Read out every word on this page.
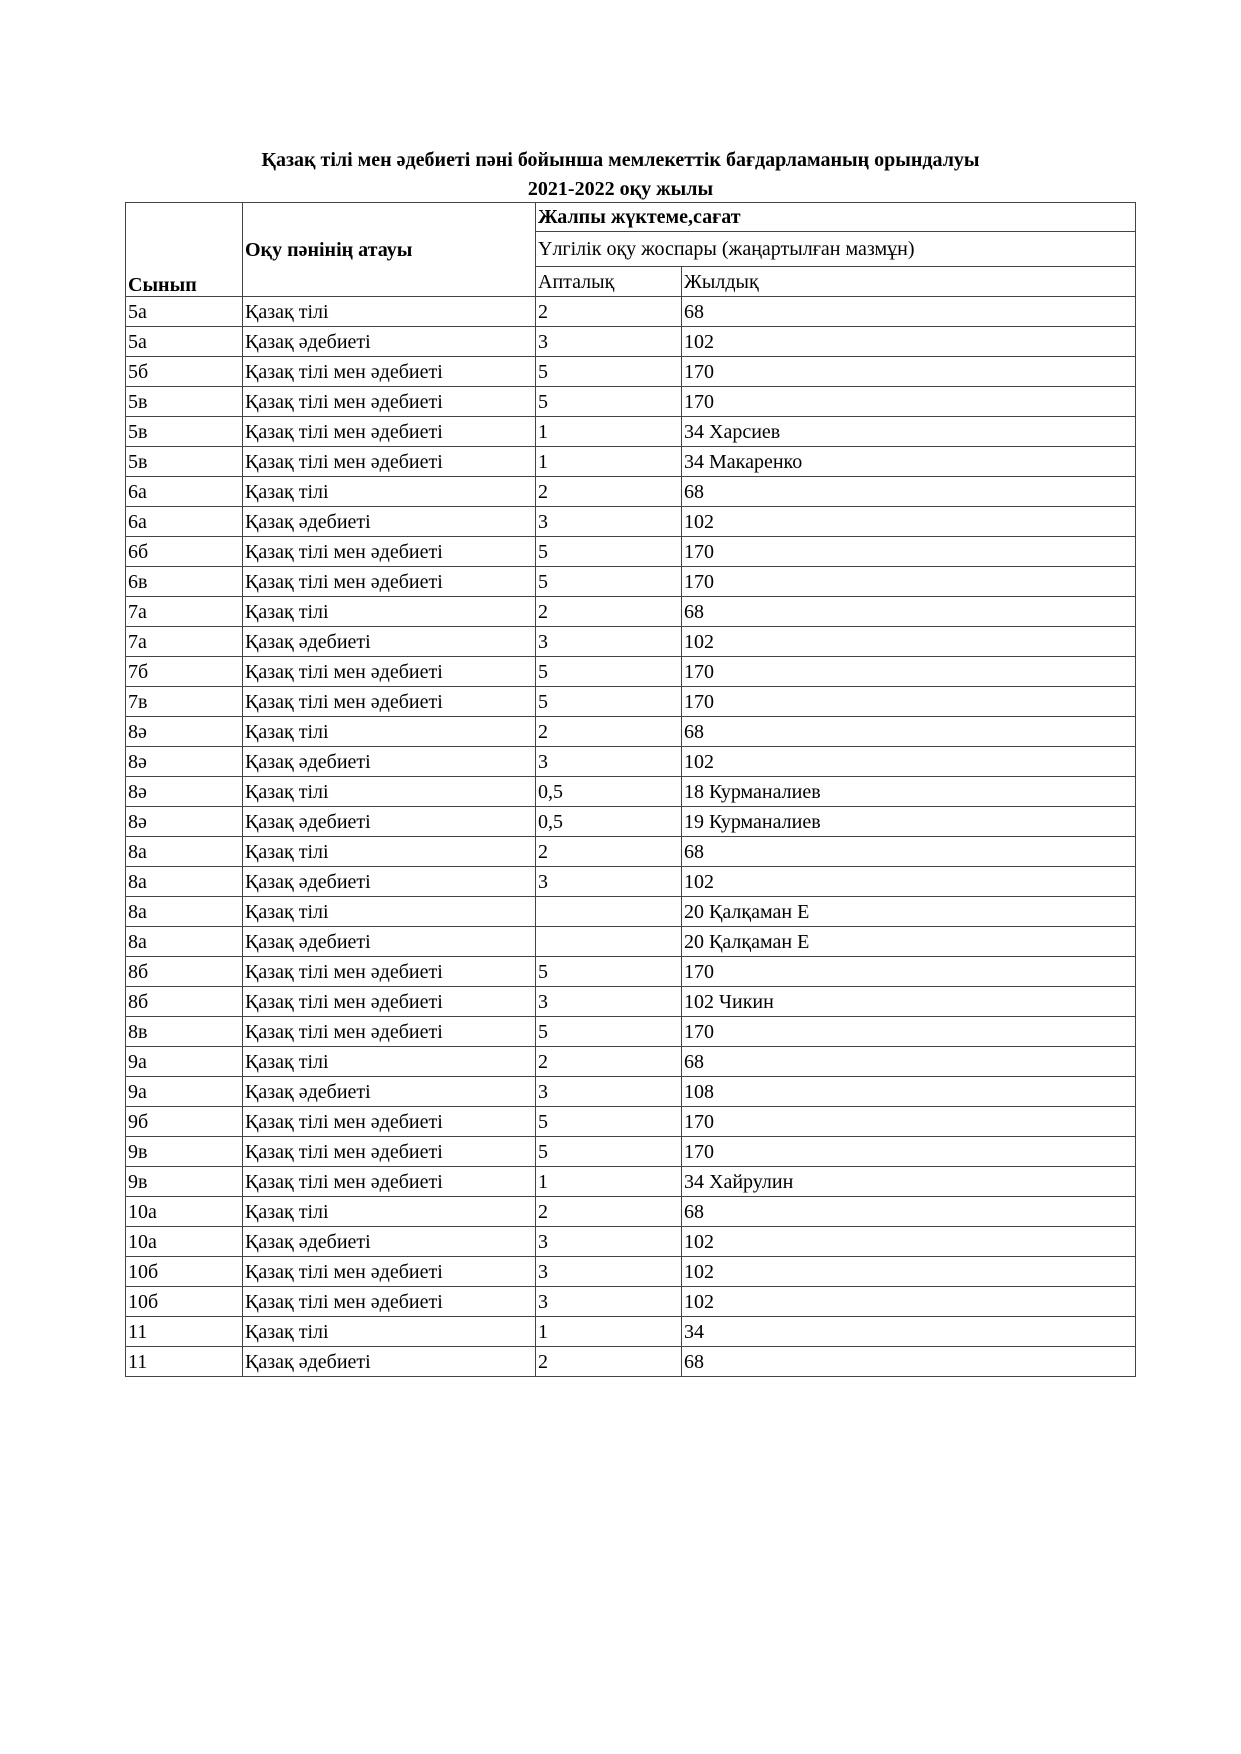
Қазақ тілі мен әдебиеті пәні бойынша мемлекеттік бағдарламаның орындалуы
2021-2022 оқу жылы
Сынып	Оқу пәнінің атауы	Жалпы жүктеме,сағат	
		Үлгілік оқу жоспары (жаңартылған мазмұн)	
		Апталық	Жылдық
5а	Қазақ тілі	2	68
5а	Қазақ әдебиеті	3	102
5б	Қазақ тілі мен әдебиеті	5	170
5в	Қазақ тілі мен әдебиеті	5	170
5в	Қазақ тілі мен әдебиеті	1	34 Харсиев
5в	Қазақ тілі мен әдебиеті	1	34 Макаренко
6а	Қазақ тілі	2	68
6а	Қазақ әдебиеті	3	102
6б	Қазақ тілі мен әдебиеті	5	170
6в	Қазақ тілі мен әдебиеті	5	170
7а	Қазақ тілі	2	68
7а	Қазақ әдебиеті	3	102
7б	Қазақ тілі мен әдебиеті	5	170
7в	Қазақ тілі мен әдебиеті	5	170
8ә	Қазақ тілі	2	68
8ә	Қазақ әдебиеті	3	102
8ә	Қазақ тілі	0,5	18 Курманалиев
8ә	Қазақ әдебиеті	0,5	19 Курманалиев
8а	Қазақ тілі	2	68
8а	Қазақ әдебиеті	3	102
8а	Қазақ тілі		20 Қалқаман Е
8а	Қазақ әдебиеті		20 Қалқаман Е
8б	Қазақ тілі мен әдебиеті	5	170
8б	Қазақ тілі мен әдебиеті	3	102 Чикин
8в	Қазақ тілі мен әдебиеті	5	170
9а	Қазақ тілі	2	68
9а	Қазақ әдебиеті	3	108
9б	Қазақ тілі мен әдебиеті	5	170
9в	Қазақ тілі мен әдебиеті	5	170
9в	Қазақ тілі мен әдебиеті	1	34 Хайрулин
10а	Қазақ тілі	2	68
10а	Қазақ әдебиеті	3	102
10б	Қазақ тілі мен әдебиеті	3	102
10б	Қазақ тілі мен әдебиеті	3	102
11	Қазақ тілі	1	34
11	Қазақ әдебиеті	2	68
